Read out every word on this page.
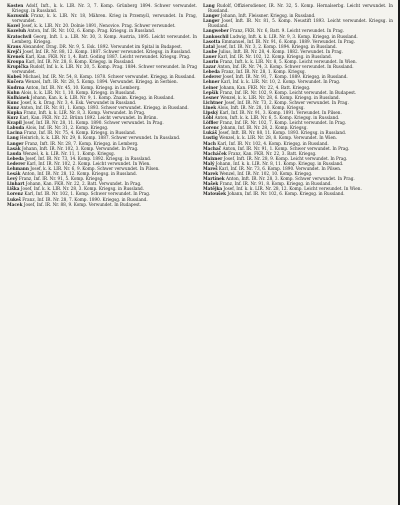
Kosten Adolf, Inft., k. k. LIR. Nr. 3, 7. Komp. Grünberg 1894. Schwer verwundet. Kriegsg. in Russland.

Kozusnik Franz, k. k. LIR. Nr. 18, Mähren. Krieg in Przemyśl, verwundet. In Prag, verwundet.

Kozel Josef, k. k. LIR. Nr. 20. Dolnie 1891, Nenovice. Prag. Schwer verwundet.

Kozeluh Anton, Inf. IR. Nr. 102, 6. Komp. Prag. Kriegsg. in Russland.

Kratochvil Georg, Inft. I. a. LIR. Nr. 30, 3. Komp. Austria, 1895. Leicht verwundet. In Lemberg. Kriegsg.

Kraus Alexander, Drag. DR. Nr. 9, 5. Esk. 1892. Verwundet im Spital in Budapest.

Krejčí Josef, Inf. IR. Nr. 88, 12. Komp. 1887. Schwer verwundet. Kriegsg. in Russland.

Krenek Karl, Kan. FKR. Nr. 1, 4. Batt. Goding 1887. Leicht verwundet. Kriegsg. Prag.

Kroupa Karl, Inf. IR. Nr. 28, 8. Komp. Kriegsg. in Russland.

Krupička Rudolf, Inf. k. k. LIR. Nr. 20, 5. Komp. Prag. 1884. Schwer verwundet. In Prag verwundet.

Kubeš Michael, Inf. IR. Nr. 54, 8. Komp. 1878. Schwer verwundet. Kriegsg. in Russland.

Kučera Wenzel, Inft. IR. Nr. 28, 5. Komp. 1894. Verwundet. Kriegsg. in Serbien.

Kudrna Anton, Inf. IR. Nr. 45, 10. Komp. Kriegsg. in Lemberg.

Kuhn Alois, k. k. LIR. Nr. 1, 10. Komp. Kriegsg. in Russland.

Kulhánek Johann, Kan. k. k. LIR. Nr. 9, 1. Komp. Znaim. Kriegsg. in Russland.

Kunc Josef, k. k. Drag. Nr. 3, 4. Esk. Verwundet in Russland.

Kunz Anton, Inf. IR. Nr. 81, 1. Komp. 1893. Schwer verwundet. Kriegsg. in Russland.

Kupka Franz, Inft. k. k. LIR. Nr. 8, 3. Komp. Verwundet. In Prag.

Kurz Karl, Kan. FKR. Nr. 22. Brünn 1892. Leicht verwundet. In Brünn.

Kvapil Josef, Inf. IR. Nr. 28, 11. Komp. 1890. Schwer verwundet. In Prag.

Labuda Alois, Inf. IR. Nr. 31, 2. Komp. Kriegsg.

Lacina Franz, Inf. IR. Nr. 75, 4. Komp. Kriegsg. in Russland.

Lang Heinrich, k. k. LIR. Nr. 29, 8. Komp. 1887. Schwer verwundet. In Russland.

Langer Franz, Inft. IR. Nr. 28, 7. Komp. Kriegsg. in Lemberg.

Lasák Johann, Inft. IR. Nr. 102, 3. Komp. Verwundet. In Prag.

Lauda Wenzel, k. k. LIR. Nr. 11, 1. Komp. Kriegsg.

Lebeda Josef, Inf. IR. Nr. 73, 14. Komp. 1892. Kriegsg. in Russland.

Lederer Karl, Inf. IR. Nr. 102, 2. Komp. Leicht verwundet. In Wien.

Lehmann Josef, k. k. LIR. Nr. 6, 9. Komp. Schwer verwundet. In Pilsen.

Lesák Anton, Inf. IR. Nr. 28, 12. Komp. Kriegsg. in Russland.

Levý Franz, Inf. IR. Nr. 91, 5. Komp. Kriegsg.

Linhart Johann, Kan. FKR. Nr. 22, 2. Batt. Verwundet. In Prag.

Liška Josef, Inf. k. k. LIR. Nr. 28, 3. Komp. Kriegsg. in Russland.

Lorenz Karl, Inf. IR. Nr. 102, 1. Komp. Schwer verwundet. In Prag.

Lukeš Franz, Inf. IR. Nr. 28, 7. Komp. 1890. Kriegsg. in Russland.

Macek Josef, Inf. IR. Nr. 88, 9. Komp. Verwundet. In Budapest.

Lang Rudolf, Offiziersdiener, IR. Nr. 32, 5. Komp. Hernalserbg. Leicht verwundet. In Russland.

Langer Johann, Inft. Fleissner. Kriegsg. in Russland.

Langer Josef, Inft. IR. Nr. 81, 5. Komp. Neustift 1893. Leicht verwundet. Kriegsg. in Russland.

Langweber Franz, FKR. Nr. 6, Batt. 9. Leicht verwundet. In Prag.

Lankoschil Ludwig, Inft. k. k. LIR. Nr. 9, 3. Komp. Kriegsg. in Russland.

Lasotta Emmanuel, Inf. IR. Nr. 91, 6. Komp. 1889. Verwundet. In Prag.

Latal Josef, Inf. IR. Nr. 3, 2. Komp. 1894. Kriegsg. in Russland.

Laube Julius, Inft. IR. Nr. 28, 4. Komp. 1882. Verwundet. In Prag.

Lauer Karl, Inf. IR. Nr. 102, 12. Komp. Kriegsg. in Russland.

Laurin Franz, Inft. k. k. LIR. Nr. 8, 5. Komp. Leicht verwundet. In Wien.

Lazar Anton, Inf. IR. Nr. 74, 3. Komp. Schwer verwundet. In Russland.

Lebeda Franz, Inf. IR. Nr. 28, 1. Komp. Kriegsg.

Lederer Josef, Inft. IR. Nr. 91, 7. Komp. 1889. Kriegsg. in Russland.

Lehner Karl, Inf. k. k. LIR. Nr. 10, 2. Komp. Verwundet. In Prag.

Leiner Johann, Kan. FKR. Nr. 22, 4. Batt. Kriegsg.

Lepšík Franz, Inf. IR. Nr. 102, 9. Komp. Leicht verwundet. In Budapest.

Lesner Wenzel, k. k. LIR. Nr. 28, 6. Komp. Kriegsg. in Russland.

Lichtner Josef, Inf. IR. Nr. 73, 2. Komp. Schwer verwundet. In Prag.

Linek Alois, Inft. IR. Nr. 28, 10. Komp. Kriegsg.

Lipský Karl, Inf. IR. Nr. 91, 3. Komp. 1891. Verwundet. In Pilsen.

Löbl Anton, Inft. k. k. LIR. Nr. 6, 5. Komp. Kriegsg. in Russland.

Löffler Franz, Inf. IR. Nr. 102, 7. Komp. Leicht verwundet. In Prag.

Lorenc Johann, Inf. IR. Nr. 28, 2. Komp. Kriegsg.

Lukáš Josef, Inft. IR. Nr. 88, 11. Komp. 1893. Kriegsg. in Russland.

Lustig Wenzel, k. k. LIR. Nr. 28, 8. Komp. Verwundet. In Wien.

Mach Karl, Inf. IR. Nr. 102, 4. Komp. Kriegsg. in Russland.

Machač Anton, Inf. IR. Nr. 91, 1. Komp. Schwer verwundet. In Prag.

Macháček Franz, Kan. FKR. Nr. 22, 3. Batt. Kriegsg.

Maixner Josef, Inft. IR. Nr. 28, 9. Komp. Leicht verwundet. In Prag.

Malý Johann, Inf. k. k. LIR. Nr. 8, 11. Komp. Kriegsg. in Russland.

Mareš Karl, Inf. IR. Nr. 73, 6. Komp. 1890. Verwundet. In Pilsen.

Marek Wenzel, Inf. IR. Nr. 102, 10. Komp. Kriegsg.

Martínek Anton, Inft. IR. Nr. 28, 3. Komp. Schwer verwundet. In Prag.

Mašek Franz, Inf. IR. Nr. 91, 8. Komp. Kriegsg. in Russland.

Matějka Josef, Inf. k. k. LIR. Nr. 28, 12. Komp. Leicht verwundet. In Wien.

Matoušek Johann, Inf. IR. Nr. 102, 6. Komp. Kriegsg. in Russland.
